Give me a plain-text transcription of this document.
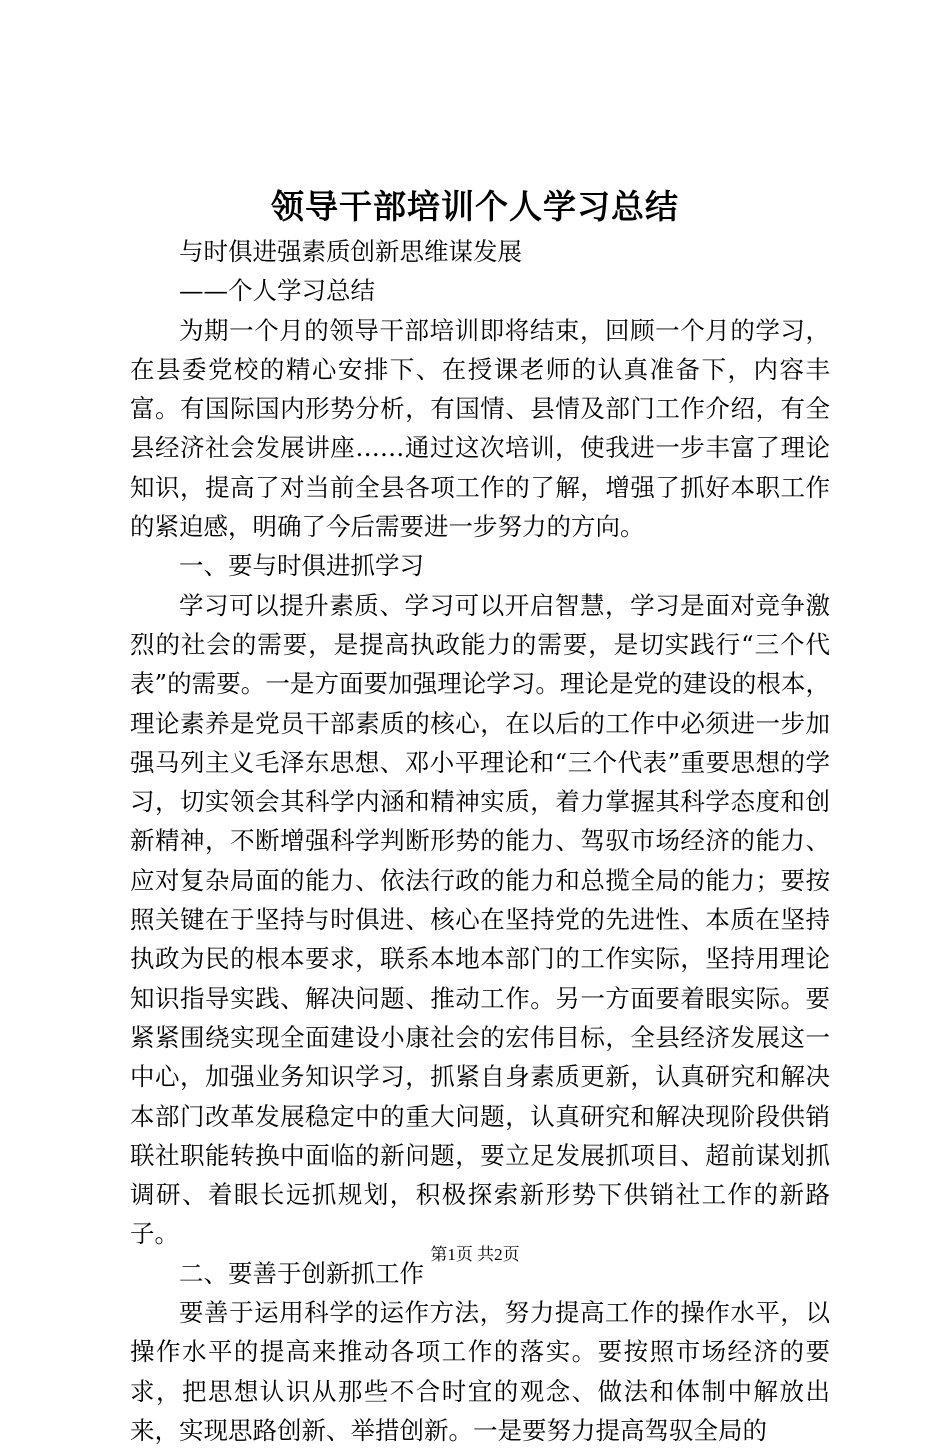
领导干部培训个人学习总结

与时俱进强素质创新思维谋发展

——个人学习总结

为期一个月的领导干部培训即将结束，回顾一个月的学习，在县委党校的精心安排下、在授课老师的认真准备下，内容丰富。有国际国内形势分析，有国情、县情及部门工作介绍，有全县经济社会发展讲座……通过这次培训，使我进一步丰富了理论知识，提高了对当前全县各项工作的了解，增强了抓好本职工作的紧迫感，明确了今后需要进一步努力的方向。

一、要与时俱进抓学习

学习可以提升素质、学习可以开启智慧，学习是面对竞争激烈的社会的需要，是提高执政能力的需要，是切实践行“三个代表”的需要。一是方面要加强理论学习。理论是党的建设的根本，理论素养是党员干部素质的核心，在以后的工作中必须进一步加强马列主义毛泽东思想、邓小平理论和“三个代表”重要思想的学习，切实领会其科学内涵和精神实质，着力掌握其科学态度和创新精神，不断增强科学判断形势的能力、驾驭市场经济的能力、应对复杂局面的能力、依法行政的能力和总揽全局的能力；要按照关键在于坚持与时俱进、核心在坚持党的先进性、本质在坚持执政为民的根本要求，联系本地本部门的工作实际，坚持用理论知识指导实践、解决问题、推动工作。另一方面要着眼实际。要紧紧围绕实现全面建设小康社会的宏伟目标，全县经济发展这一中心，加强业务知识学习，抓紧自身素质更新，认真研究和解决本部门改革发展稳定中的重大问题，认真研究和解决现阶段供销联社职能转换中面临的新问题，要立足发展抓项目、超前谋划抓调研、着眼长远抓规划，积极探索新形势下供销社工作的新路子。

二、要善于创新抓工作

要善于运用科学的运作方法，努力提高工作的操作水平，以操作水平的提高来推动各项工作的落实。要按照市场经济的要求，把思想认识从那些不合时宜的观念、做法和体制中解放出来，实现思路创新、举措创新。一是要努力提高驾驭全局的

第1页 共2页
